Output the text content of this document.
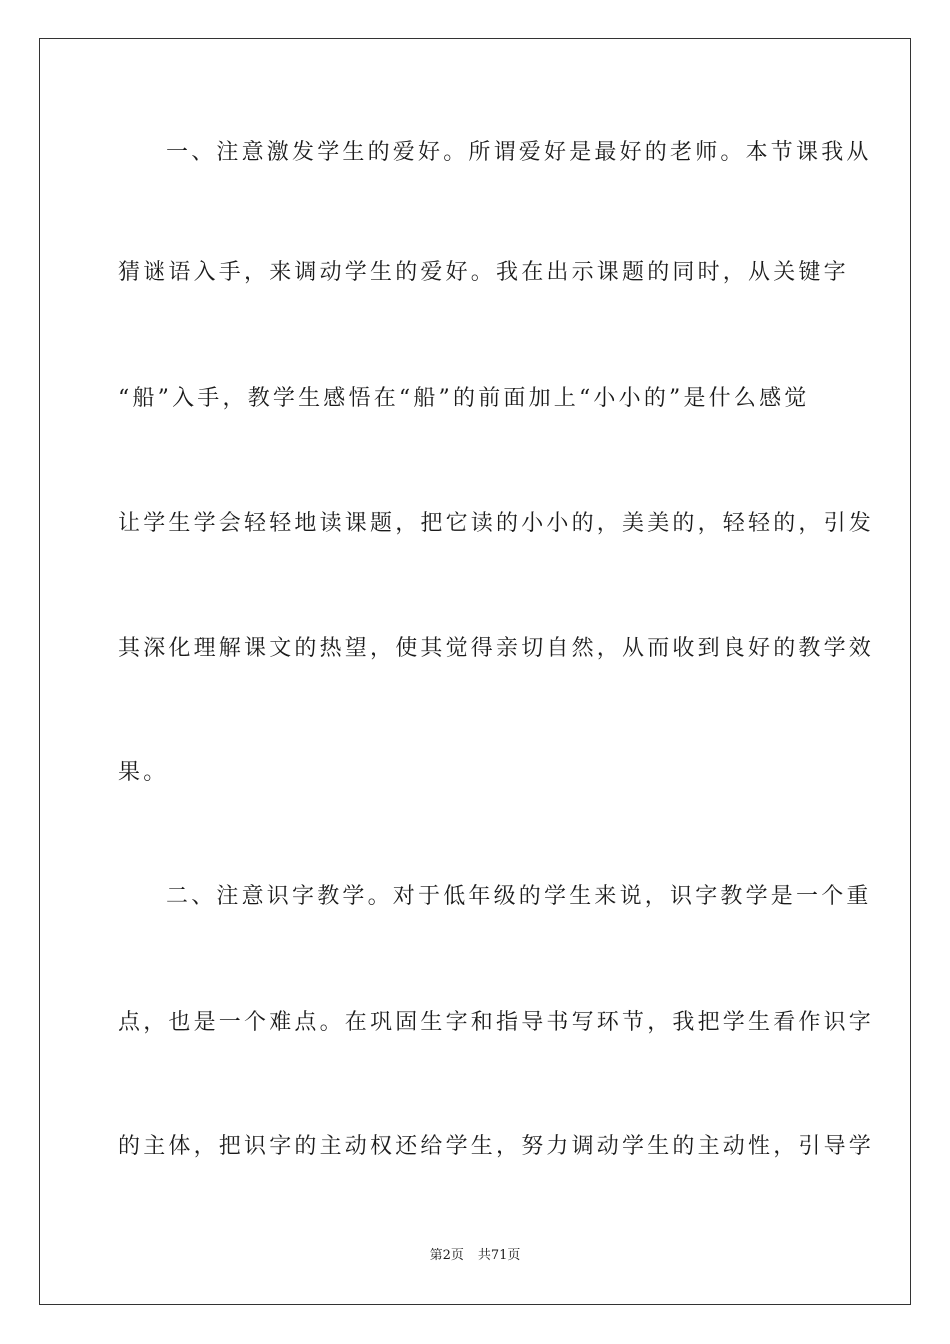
一、注意激发学生的爱好。所谓爱好是最好的老师。本节课我从
猜谜语入手，来调动学生的爱好。我在出示课题的同时，从关键字
“船”入手，教学生感悟在“船”的前面加上“小小的”是什么感觉
让学生学会轻轻地读课题，把它读的小小的，美美的，轻轻的，引发
其深化理解课文的热望，使其觉得亲切自然，从而收到良好的教学效
果。
二、注意识字教学。对于低年级的学生来说，识字教学是一个重
点，也是一个难点。在巩固生字和指导书写环节，我把学生看作识字
的主体，把识字的主动权还给学生，努力调动学生的主动性，引导学
第2页 共71页
